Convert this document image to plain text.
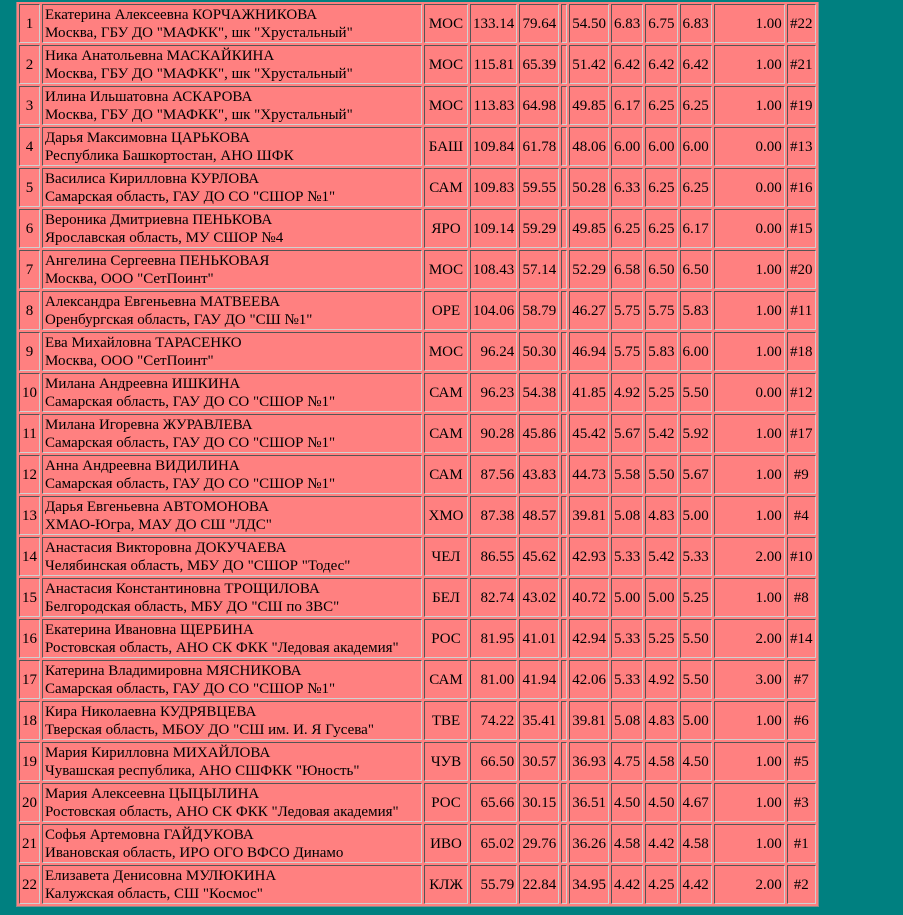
1	Екатерина Алексеевна КОРЧАЖНИКОВА
Москва, ГБУ ДО "МАФКК", шк "Хрустальный"	МОС	133.14	79.64		54.50	6.83	6.75	6.83	1.00	#22
2	Ника Анатольевна МАСКАЙКИНА
Москва, ГБУ ДО "МАФКК", шк "Хрустальный"	МОС	115.81	65.39		51.42	6.42	6.42	6.42	1.00	#21
3	Илина Ильшатовна АСКАРОВА
Москва, ГБУ ДО "МАФКК", шк "Хрустальный"	МОС	113.83	64.98		49.85	6.17	6.25	6.25	1.00	#19
4	Дарья Максимовна ЦАРЬКОВА
Республика Башкортостан, АНО ШФК	БАШ	109.84	61.78		48.06	6.00	6.00	6.00	0.00	#13
5	Василиса Кирилловна КУРЛОВА
Самарская область, ГАУ ДО СО "СШОР №1"	САМ	109.83	59.55		50.28	6.33	6.25	6.25	0.00	#16
6	Вероника Дмитриевна ПЕНЬКОВА
Ярославская область, МУ СШОР №4	ЯРО	109.14	59.29		49.85	6.25	6.25	6.17	0.00	#15
7	Ангелина Сергеевна ПЕНЬКОВАЯ
Москва, ООО "СетПоинт"	МОС	108.43	57.14		52.29	6.58	6.50	6.50	1.00	#20
8	Александра Евгеньевна МАТВЕЕВА
Оренбургская область, ГАУ ДО "СШ №1"	ОРЕ	104.06	58.79		46.27	5.75	5.75	5.83	1.00	#11
9	Ева Михайловна ТАРАСЕНКО
Москва, ООО "СетПоинт"	МОС	96.24	50.30		46.94	5.75	5.83	6.00	1.00	#18
10	Милана Андреевна ИШКИНА
Самарская область, ГАУ ДО СО "СШОР №1"	САМ	96.23	54.38		41.85	4.92	5.25	5.50	0.00	#12
11	Милана Игоревна ЖУРАВЛЕВА
Самарская область, ГАУ ДО СО "СШОР №1"	САМ	90.28	45.86		45.42	5.67	5.42	5.92	1.00	#17
12	Анна Андреевна ВИДИЛИНА
Самарская область, ГАУ ДО СО "СШОР №1"	САМ	87.56	43.83		44.73	5.58	5.50	5.67	1.00	#9
13	Дарья Евгеньевна АВТОМОНОВА
ХМАО-Югра, МАУ ДО СШ "ЛДС"	ХМО	87.38	48.57		39.81	5.08	4.83	5.00	1.00	#4
14	Анастасия Викторовна ДОКУЧАЕВА
Челябинская область, МБУ ДО "СШОР "Тодес"	ЧЕЛ	86.55	45.62		42.93	5.33	5.42	5.33	2.00	#10
15	Анастасия Константиновна ТРОЩИЛОВА
Белгородская область, МБУ ДО "СШ по ЗВС"	БЕЛ	82.74	43.02		40.72	5.00	5.00	5.25	1.00	#8
16	Екатерина Ивановна ЩЕРБИНА
Ростовская область, АНО СК ФКК "Ледовая академия"	РОС	81.95	41.01		42.94	5.33	5.25	5.50	2.00	#14
17	Катерина Владимировна МЯСНИКОВА
Самарская область, ГАУ ДО СО "СШОР №1"	САМ	81.00	41.94		42.06	5.33	4.92	5.50	3.00	#7
18	Кира Николаевна КУДРЯВЦЕВА
Тверская область, МБОУ ДО "СШ им. И. Я Гусева"	ТВЕ	74.22	35.41		39.81	5.08	4.83	5.00	1.00	#6
19	Мария Кирилловна МИХАЙЛОВА
Чувашская республика, АНО СШФКК "Юность"	ЧУВ	66.50	30.57		36.93	4.75	4.58	4.50	1.00	#5
20	Мария Алексеевна ЦЫЦЫЛИНА
Ростовская область, АНО СК ФКК "Ледовая академия"	РОС	65.66	30.15		36.51	4.50	4.50	4.67	1.00	#3
21	Софья Артемовна ГАЙДУКОВА
Ивановская область, ИРО ОГО ВФСО Динамо	ИВО	65.02	29.76		36.26	4.58	4.42	4.58	1.00	#1
22	Елизавета Денисовна МУЛЮКИНА
Калужская область, СШ "Космос"	КЛЖ	55.79	22.84		34.95	4.42	4.25	4.42	2.00	#2
